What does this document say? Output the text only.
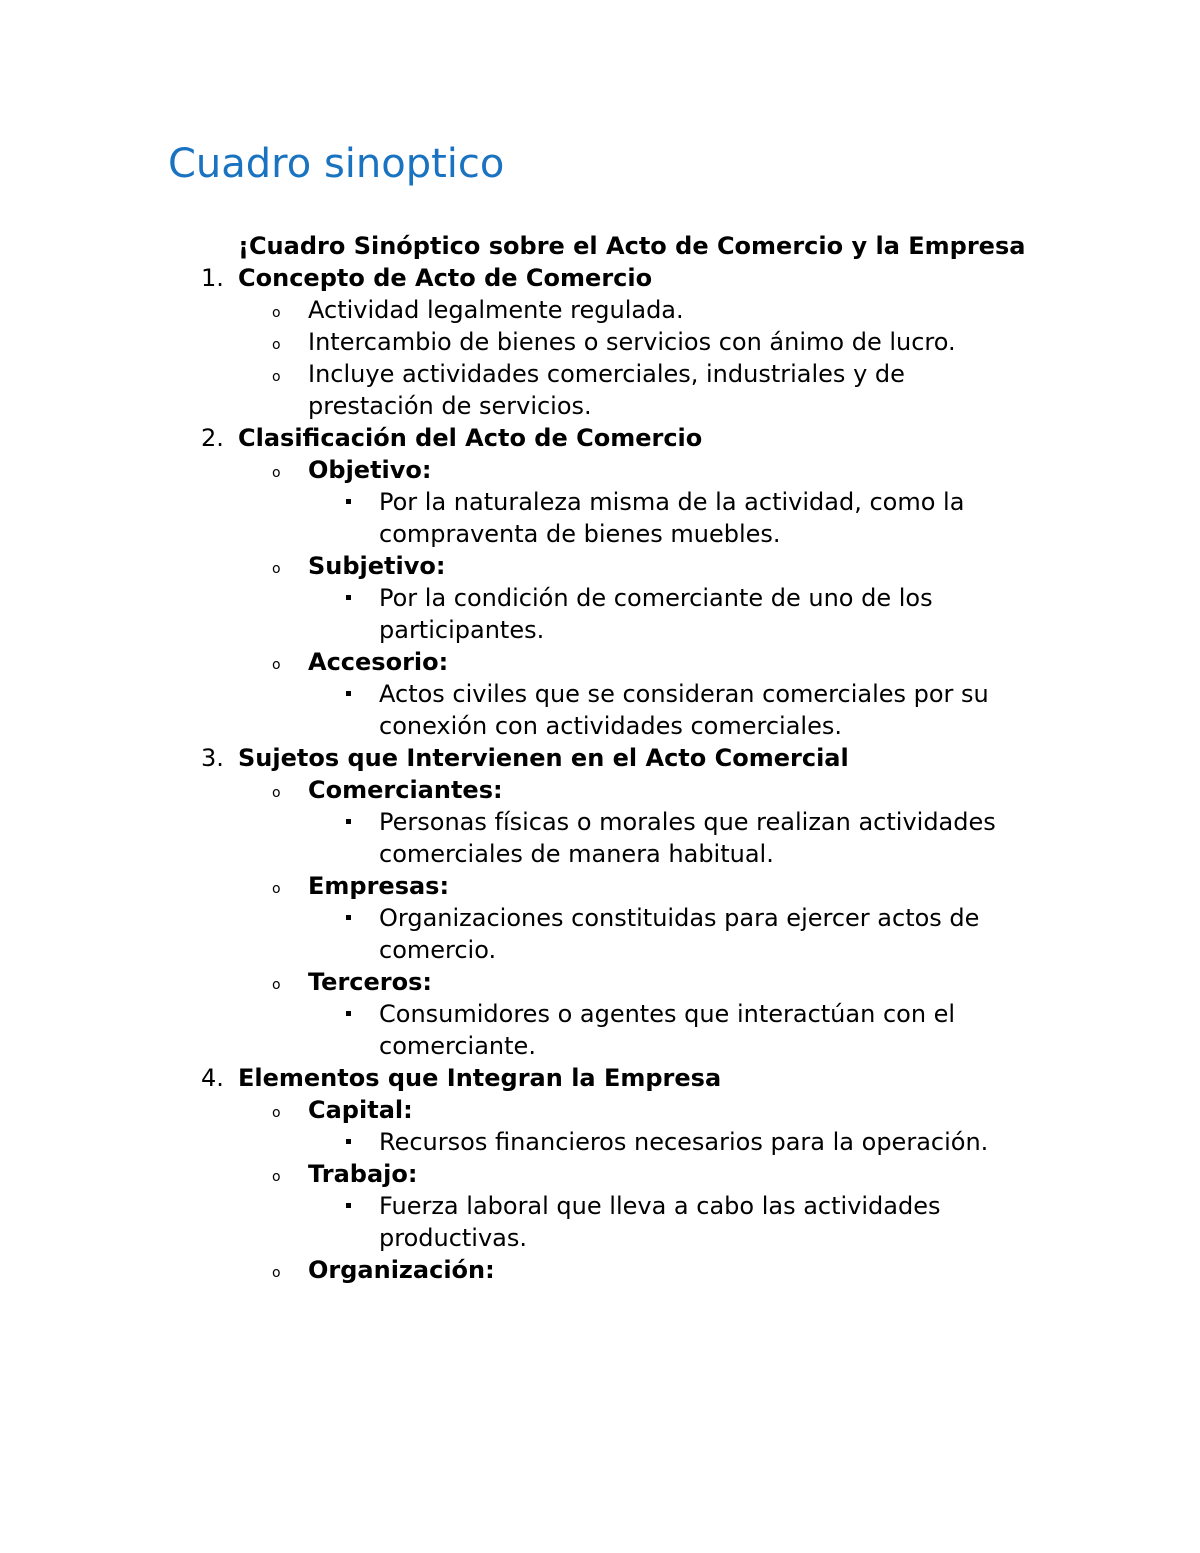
Cuadro sinoptico

¡Cuadro Sinóptico sobre el Acto de Comercio y la Empresa

1. Concepto de Acto de Comercio
o Actividad legalmente regulada.
o Intercambio de bienes o servicios con ánimo de lucro.
o Incluye actividades comerciales, industriales y de prestación de servicios.
2. Clasificación del Acto de Comercio
o Objetivo:
Por la naturaleza misma de la actividad, como la compraventa de bienes muebles.
o Subjetivo:
Por la condición de comerciante de uno de los participantes.
o Accesorio:
Actos civiles que se consideran comerciales por su conexión con actividades comerciales.
3. Sujetos que Intervienen en el Acto Comercial
o Comerciantes:
Personas físicas o morales que realizan actividades comerciales de manera habitual.
o Empresas:
Organizaciones constituidas para ejercer actos de comercio.
o Terceros:
Consumidores o agentes que interactúan con el comerciante.
4. Elementos que Integran la Empresa
o Capital:
Recursos financieros necesarios para la operación.
o Trabajo:
Fuerza laboral que lleva a cabo las actividades productivas.
o Organización:
